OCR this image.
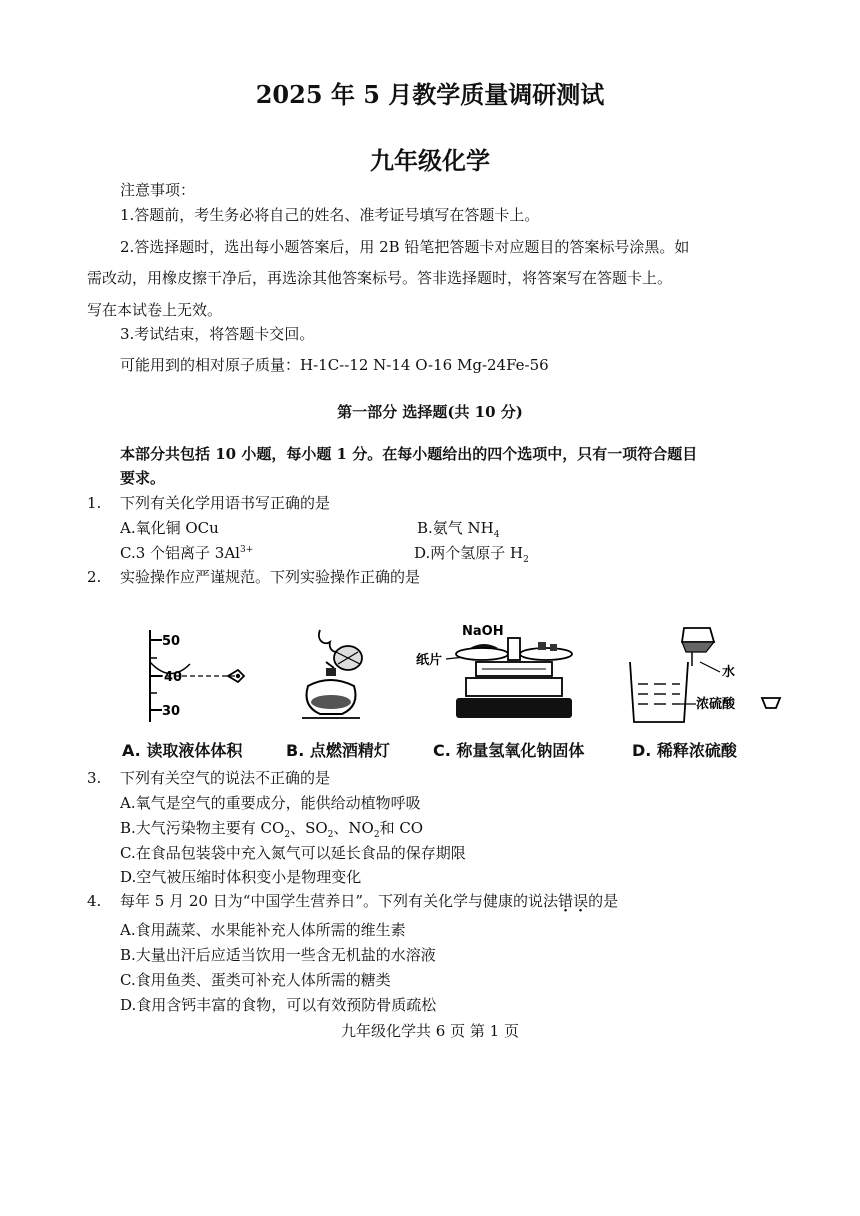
2025 年 5 月教学质量调研测试
九年级化学
注意事项：
1.答题前，考生务必将自己的姓名、准考证号填写在答题卡上。
2.答选择题时，选出每小题答案后，用 2B 铅笔把答题卡对应题目的答案标号涂黑。如
需改动，用橡皮擦干净后，再选涂其他答案标号。答非选择题时，将答案写在答题卡上。
写在本试卷上无效。
3.考试结束，将答题卡交回。
可能用到的相对原子质量：H-1C--12 N-14 O-16 Mg-24Fe-56
第一部分 选择题(共 10 分)
本部分共包括 10 小题，每小题 1 分。在每小题给出的四个选项中，只有一项符合题目
要求。
1. 下列有关化学用语书写正确的是
A.氧化铜 OCu	B.氨气 $NH_4$
C.3 个铝离子 $3Al^{3+}$	D.两个氢原子 $H_2$
2. 实验操作应严谨规范。下列实验操作正确的是
50
40
30
NaOH
纸片
水
浓硫酸
A. 读取液体体积	B. 点燃酒精灯	C. 称量氢氧化钠固体	D. 稀释浓硫酸
3. 下列有关空气的说法不正确的是
A.氧气是空气的重要成分，能供给动植物呼吸
B.大气污染物主要有 $CO_2$、$SO_2$、$NO_2$和 CO
C.在食品包装袋中充入氮气可以延长食品的保存期限
D.空气被压缩时体积变小是物理变化
4. 每年 5 月 20 日为“中国学生营养日”。下列有关化学与健康的说法错误的是
A.食用蔬菜、水果能补充人体所需的维生素
B.大量出汗后应适当饮用一些含无机盐的水溶液
C.食用鱼类、蛋类可补充人体所需的糖类
D.食用含钙丰富的食物，可以有效预防骨质疏松
九年级化学共 6 页 第 1 页
